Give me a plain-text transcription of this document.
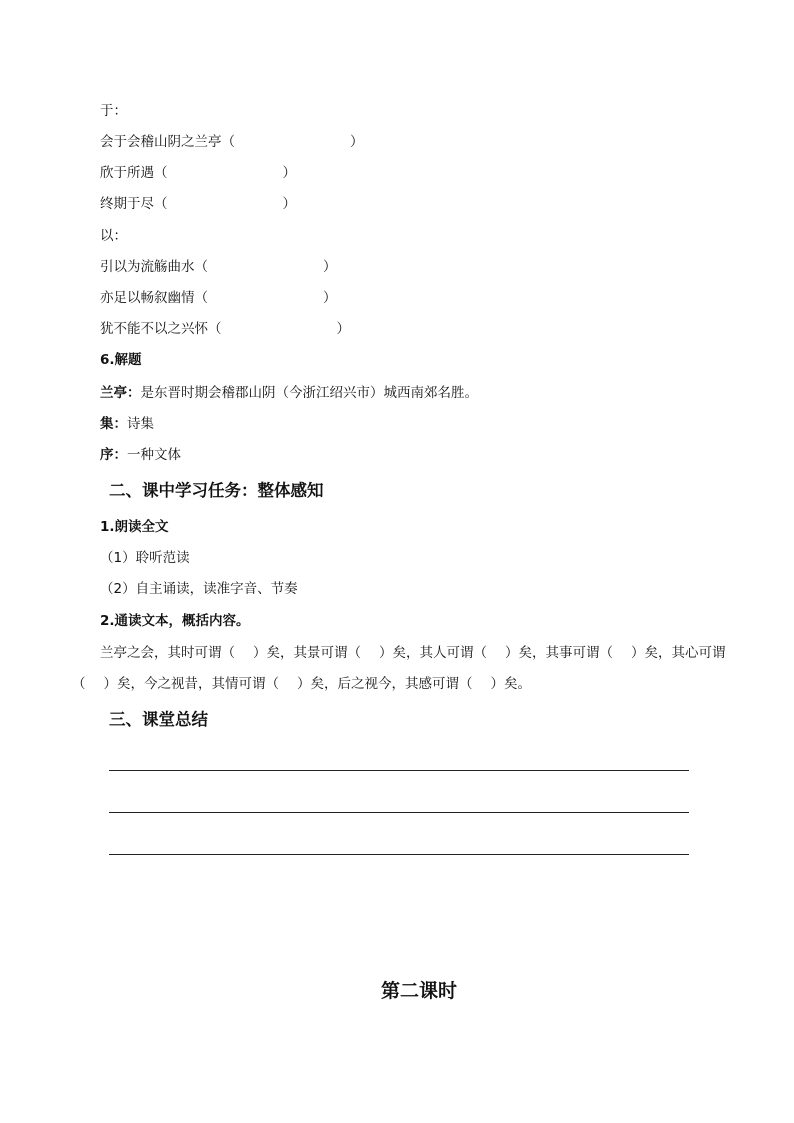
于：
会于会稽山阴之兰亭（	）
欣于所遇（	）
终期于尽（	）
以：
引以为流觞曲水（	）
亦足以畅叙幽情（	）
犹不能不以之兴怀（	）
6.解题
兰亭：是东晋时期会稽郡山阴（今浙江绍兴市）城西南郊名胜。
集：诗集
序：一种文体
二、课中学习任务：整体感知
1.朗读全文
（1）聆听范读
（2）自主诵读，读准字音、节奏
2.通读文本，概括内容。
兰亭之会，其时可谓（ ）矣，其景可谓（ ）矣，其人可谓（ ）矣，其事可谓（ ）矣，其心可谓
（ ）矣，今之视昔，其情可谓（ ）矣，后之视今，其感可谓（ ）矣。
三、课堂总结
第二课时
